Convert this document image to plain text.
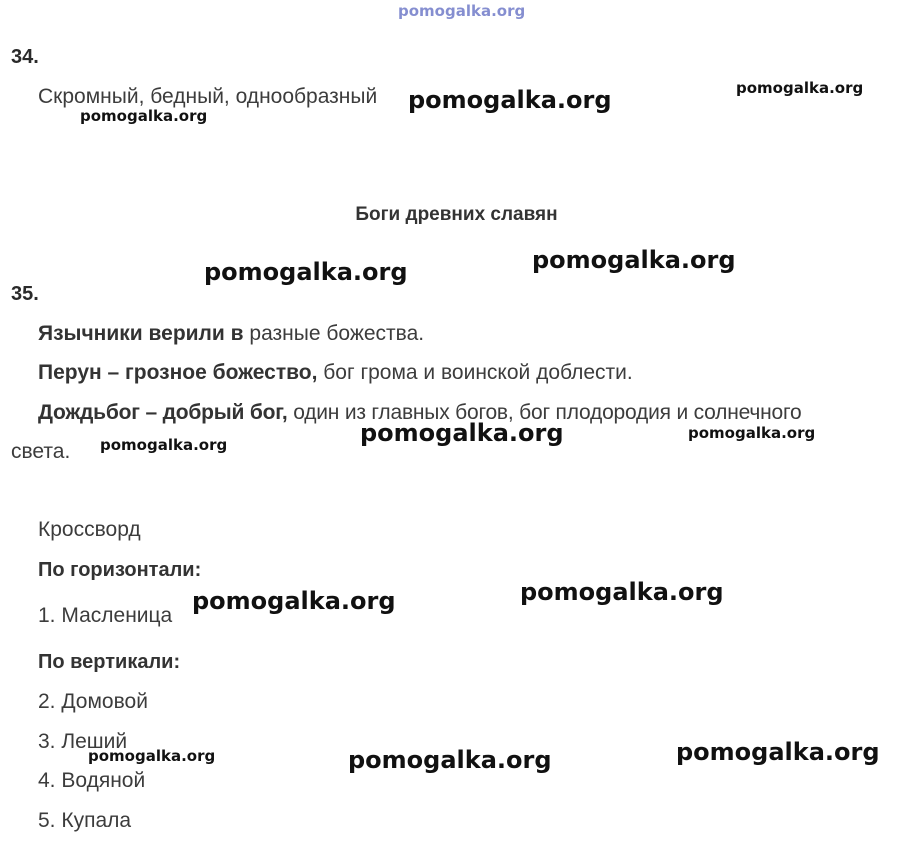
pomogalka.org
34.
Скромный, бедный, однообразный
Боги древних славян
35.
Язычники верили в разные божества.
Перун – грозное божество, бог грома и воинской доблести.
Дождьбог – добрый бог, один из главных богов, бог плодородия и солнечного
света.
Кроссворд
По горизонтали:
1. Масленица
По вертикали:
2. Домовой
3. Леший
4. Водяной
5. Купала
pomogalka.org
pomogalka.org	pomogalka.org
pomogalka.org
pomogalka.org	pomogalka.org
pomogalka.org	pomogalka.org
pomogalka.org
pomogalka.org
pomogalka.org
pomogalka.org
pomogalka.org
